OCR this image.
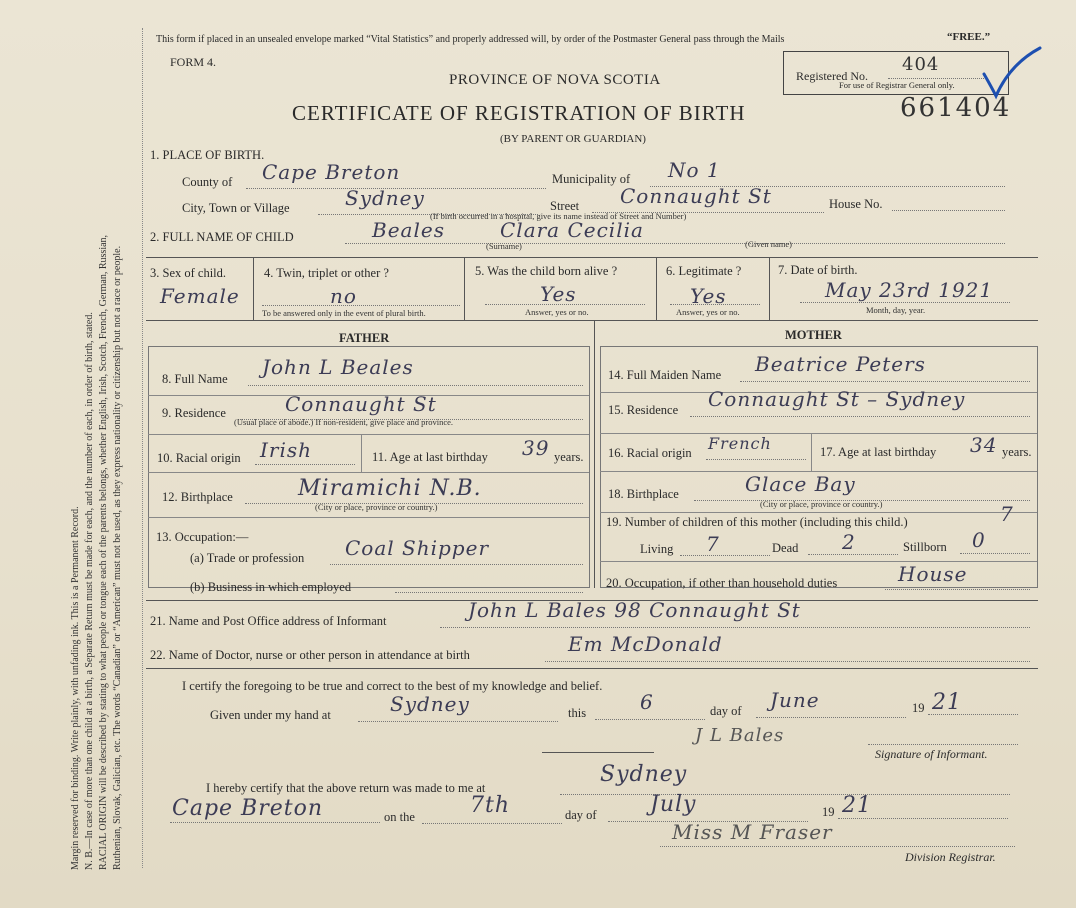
Margin reserved for binding. Write plainly, with unfading ink. This is a Permanent Record. N. B.—In case of more than one child at a birth, a Separate Return must be made for each, and the number of each, in order of birth, stated. RACIAL ORIGIN will be described by stating to what people or tongue each of the parents belongs, whether English, Irish, Scotch, French, German, Russian, Ruthenian, Slovak, Galician, etc. The words “Canadian” or “American” must not be used, as they express nationality or citizenship but not a race or people.
This form if placed in an unsealed envelope marked “Vital Statistics” and properly addressed will, by order of the Postmaster General pass through the Mails	“FREE.”
FORM 4.
PROVINCE OF NOVA SCOTIA
CERTIFICATE OF REGISTRATION OF BIRTH
(BY PARENT OR GUARDIAN)
Registered No.
404
For use of Registrar General only.
661404
1. PLACE OF BIRTH.
County of Cape Breton	Municipality of No 1
City, Town or Village	Sydney	Street Connaught St	House No.
(If birth occurred in a hospital, give its name instead of Street and Number)
2. FULL NAME OF CHILD	Beales	Clara Cecilia
(Surname)	(Given name)
3. Sex of child.
Female
4. Twin, triplet or other ?
no
To be answered only in the event of plural birth.
5. Was the child born alive ?
Yes
Answer, yes or no.
6. Legitimate ?
Yes
Answer, yes or no.
7. Date of birth.
May 23rd 1921
Month, day, year.
FATHER	MOTHER
8. Full Name John L Beales
9. Residence	Connaught St
(Usual place of abode.) If non-resident, give place and province.
10. Racial origin Irish	11. Age at last birthday 39 years.
12. Birthplace	Miramichi N.B.
(City or place, province or country.)
13. Occupation:—
(a) Trade or profession Coal Shipper
(b) Business in which employed
14. Full Maiden Name Beatrice Peters
15. Residence Connaught St – Sydney
16. Racial origin French	17. Age at last birthday 34 years.
18. Birthplace	Glace Bay
(City or place, province or country.)
19. Number of children of this mother (including this child.)	7
Living 7	Dead 2	Stillborn 0
20. Occupation, if other than household duties	House
21. Name and Post Office address of Informant	John L Bales 98 Connaught St
22. Name of Doctor, nurse or other person in attendance at birth	Em McDonald
I certify the foregoing to be true and correct to the best of my knowledge and belief.
Given under my hand at	Sydney	this	6	day of June	19 21
J L Bales
Signature of Informant.
I hereby certify that the above return was made to me at
Sydney
Cape Breton	on the	7th	day of July	19 21
Miss M Fraser
Division Registrar.
